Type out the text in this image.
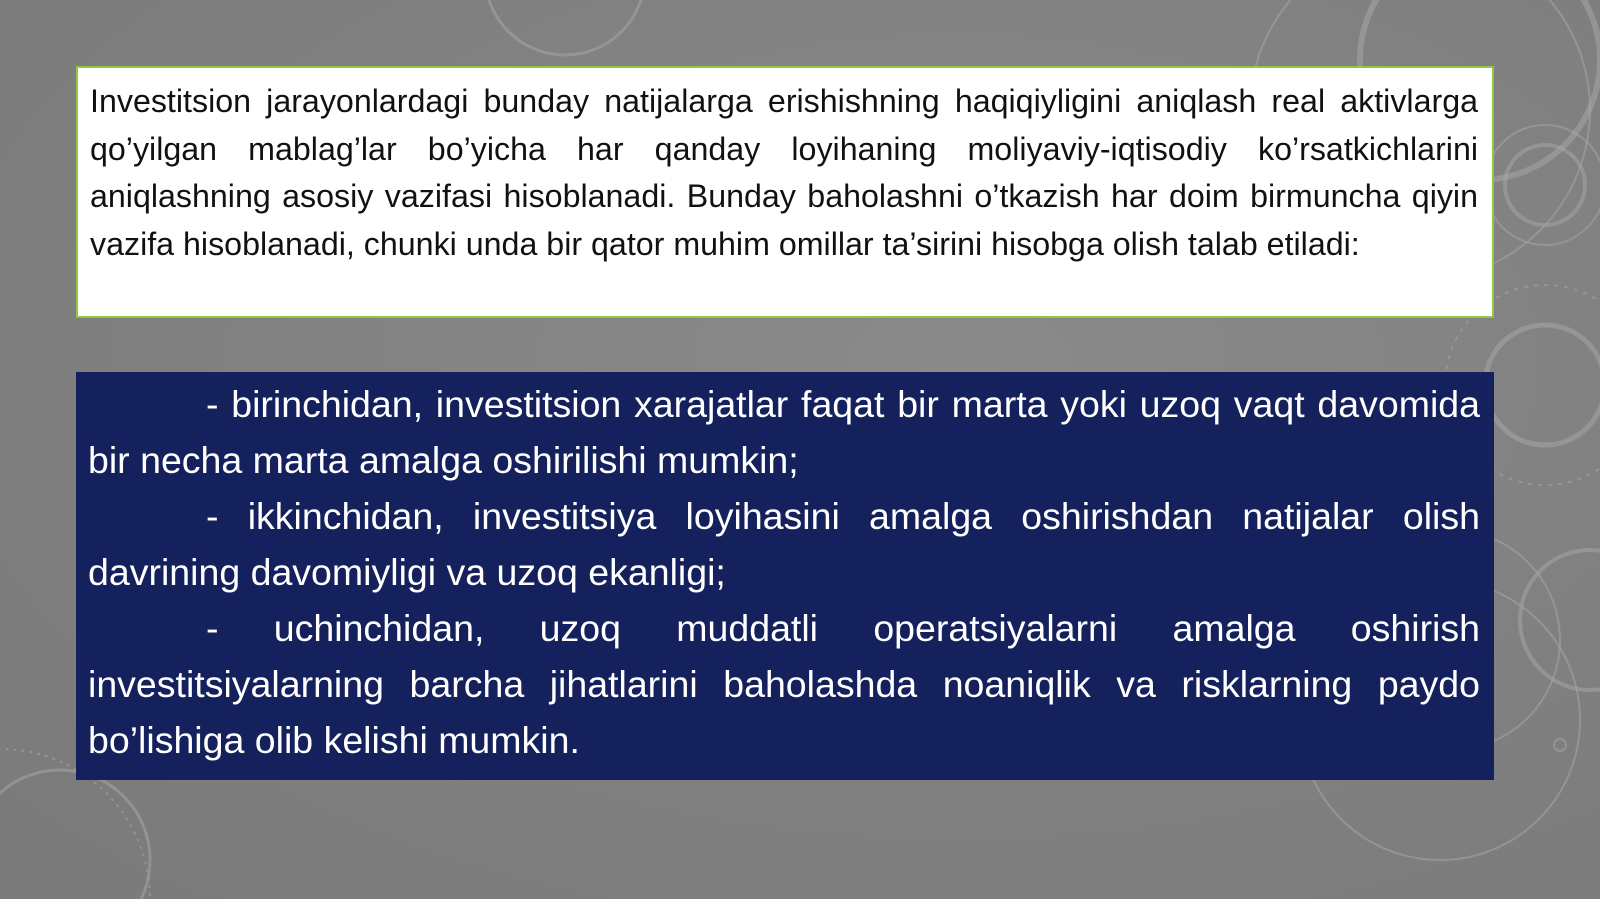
Investitsion jarayonlardagi bunday natijalarga erishishning haqiqiyligini aniqlash real aktivlarga qo’yilgan mablag’lar bo’yicha har qanday loyihaning moliyaviy-iqtisodiy ko’rsatkichlarini aniqlashning asosiy vazifasi hisoblanadi. Bunday baholashni o’tkazish har doim birmuncha qiyin vazifa hisoblanadi, chunki unda bir qator muhim omillar ta’sirini hisobga olish talab etiladi:

- birinchidan, investitsion xarajatlar faqat bir marta yoki uzoq vaqt davomida bir necha marta amalga oshirilishi mumkin;

- ikkinchidan, investitsiya loyihasini amalga oshirishdan natijalar olish davrining davomiyligi va uzoq ekanligi;

- uchinchidan, uzoq muddatli operatsiyalarni amalga oshirish investitsiyalarning barcha jihatlarini baholashda noaniqlik va risklarning paydo bo’lishiga olib kelishi mumkin.
